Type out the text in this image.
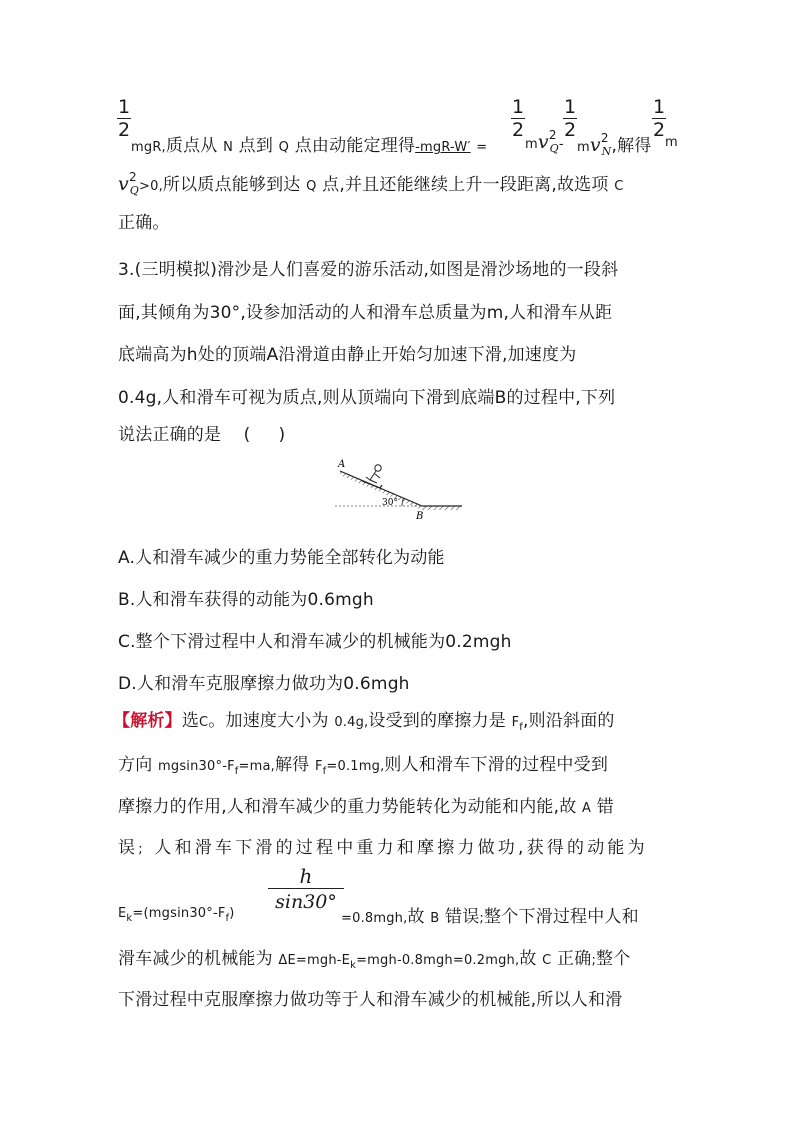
$\frac{1}{2}$
mgR,质点从 N 点到 Q 点由动能定理得-mgR-W′ =
$\frac{1}{2}$
$mv^2_Q-$
$\frac{1}{2}$
$mv^2_N$,解得
$\frac{1}{2}$
m
$v^2_Q>0$,所以质点能够到达 Q 点,并且还能继续上升一段距离,故选项 C
正确。
3.(三明模拟)滑沙是人们喜爱的游乐活动,如图是滑沙场地的一段斜
面,其倾角为30°,设参加活动的人和滑车总质量为m,人和滑车从距
底端高为h处的顶端A沿滑道由静止开始匀加速下滑,加速度为
0.4g,人和滑车可视为质点,则从顶端向下滑到底端B的过程中,下列
说法正确的是    (     )
A
B
30°
A.人和滑车减少的重力势能全部转化为动能
B.人和滑车获得的动能为0.6mgh
C.整个下滑过程中人和滑车减少的机械能为0.2mgh
D.人和滑车克服摩擦力做功为0.6mgh
【解析】选C。加速度大小为 0.4g,设受到的摩擦力是 $F_f$,则沿斜面的
方向 $mgsin30^\circ-F_f=ma$,解得 $F_f=0.1mg$,则人和滑车下滑的过程中受到
摩擦力的作用,人和滑车减少的重力势能转化为动能和内能,故 A 错
误; 人和滑车下滑的过程中重力和摩擦力做功,获得的动能为
h
sin30°
$E_k=(mgsin30^\circ-F_f)$	=0.8mgh,故 B 错误;整个下滑过程中人和
滑车减少的机械能为 $\Delta E=mgh-E_k=mgh-0.8mgh=0.2mgh$,故 C 正确;整个
下滑过程中克服摩擦力做功等于人和滑车减少的机械能,所以人和滑
